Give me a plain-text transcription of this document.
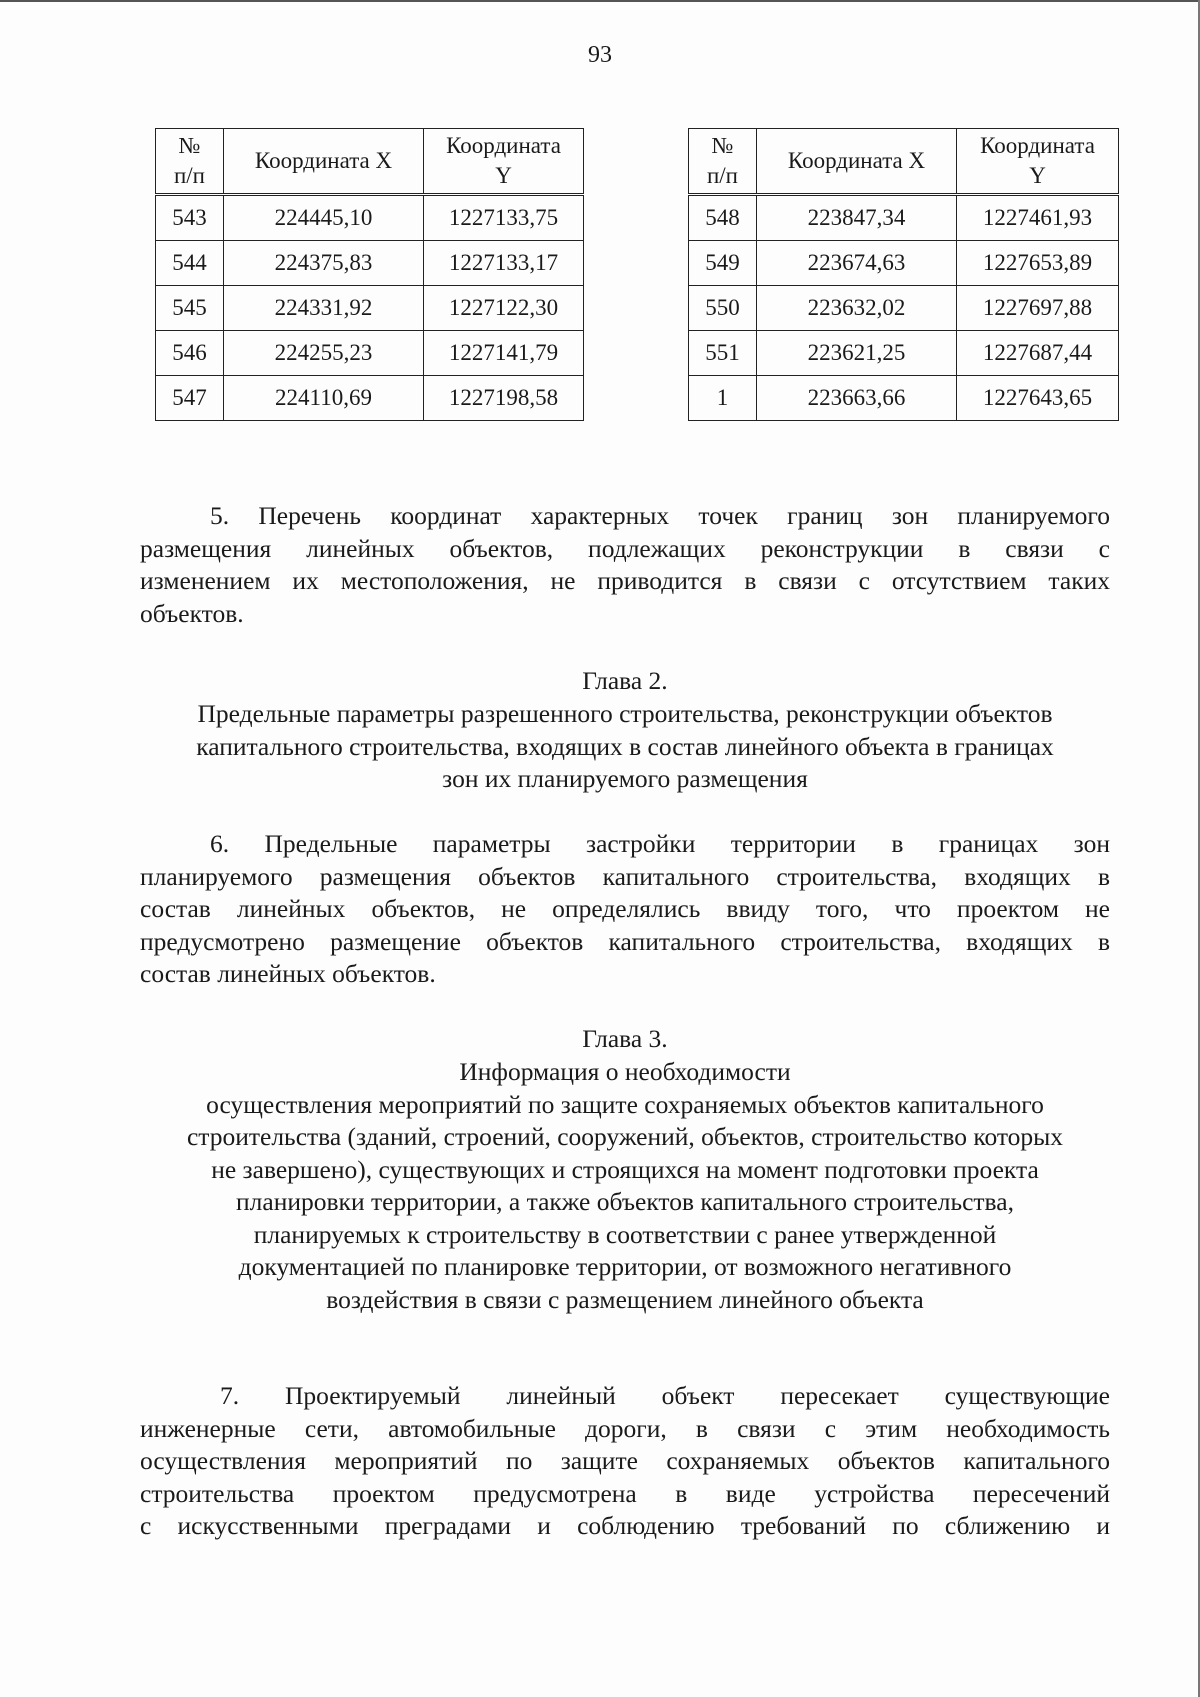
93
№
п/п	Координата X	Координата
Y

543	224445,10	1227133,75
544	224375,83	1227133,17
545	224331,92	1227122,30
546	224255,23	1227141,79
547	224110,69	1227198,58
№
п/п	Координата X	Координата
Y

548	223847,34	1227461,93
549	223674,63	1227653,89
550	223632,02	1227697,88
551	223621,25	1227687,44
1	223663,66	1227643,65
5. Перечень координат характерных точек границ зон планируемого
размещения линейных объектов, подлежащих реконструкции в связи с
изменением их местоположения, не приводится в связи с отсутствием таких
объектов.
Глава 2.
Предельные параметры разрешенного строительства, реконструкции объектов
капитального строительства, входящих в состав линейного объекта в границах
зон их планируемого размещения
6. Предельные параметры застройки территории в границах зон
планируемого размещения объектов капитального строительства, входящих в
состав линейных объектов, не определялись ввиду того, что проектом не
предусмотрено размещение объектов капитального строительства, входящих в
состав линейных объектов.
Глава 3.
Информация о необходимости
осуществления мероприятий по защите сохраняемых объектов капитального
строительства (зданий, строений, сооружений, объектов, строительство которых
не завершено), существующих и строящихся на момент подготовки проекта
планировки территории, а также объектов капитального строительства,
планируемых к строительству в соответствии с ранее утвержденной
документацией по планировке территории, от возможного негативного
воздействия в связи с размещением линейного объекта
7. Проектируемый линейный объект пересекает существующие
инженерные сети, автомобильные дороги, в связи с этим необходимость
осуществления мероприятий по защите сохраняемых объектов капитального
строительства проектом предусмотрена в виде устройства пересечений
с искусственными преградами и соблюдению требований по сближению и
